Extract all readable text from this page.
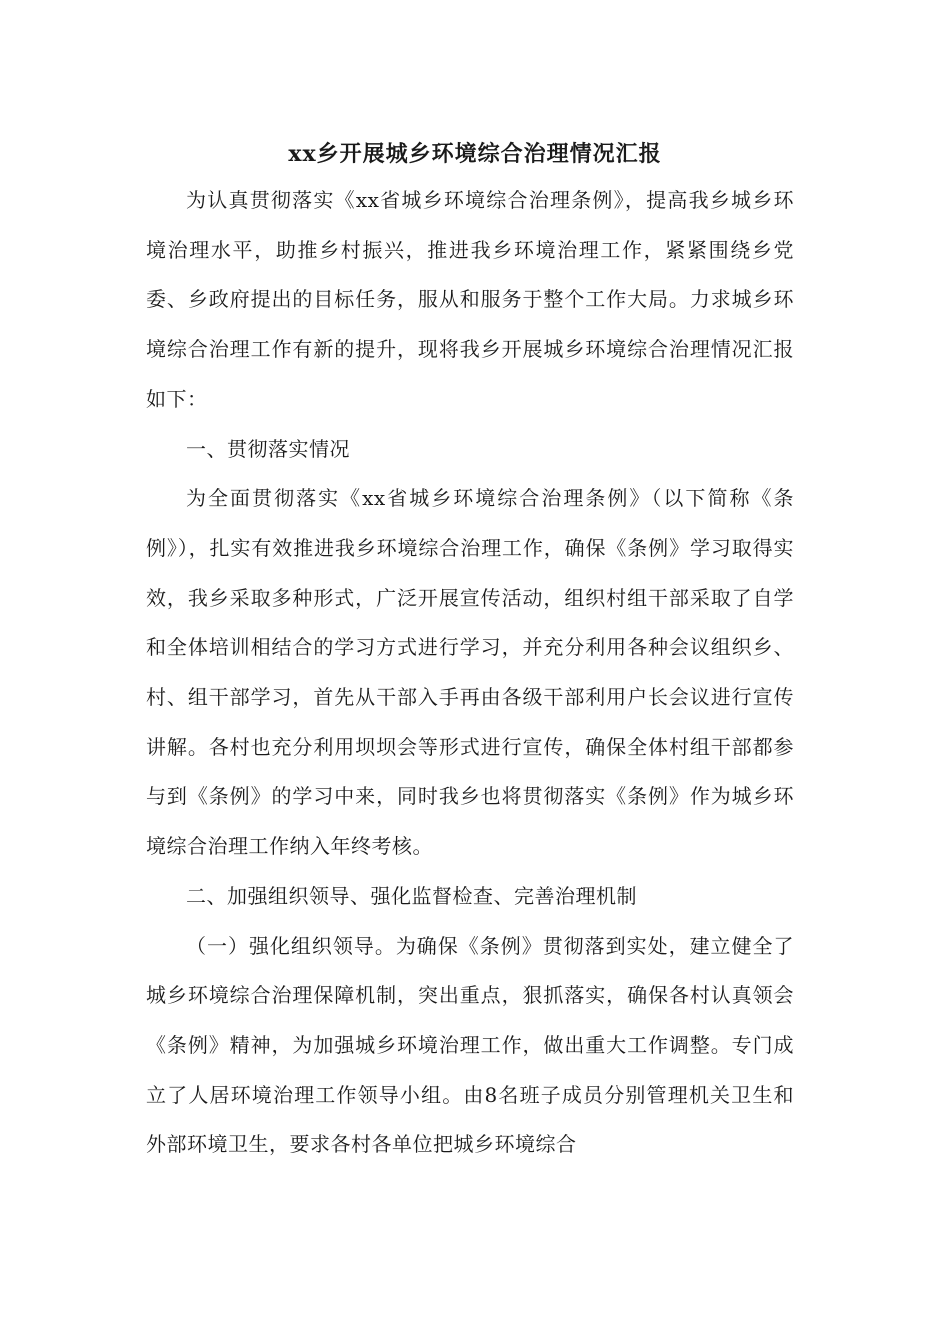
xx乡开展城乡环境综合治理情况汇报

为认真贯彻落实《xx省城乡环境综合治理条例》，提高我乡城乡环境治理水平，助推乡村振兴，推进我乡环境治理工作，紧紧围绕乡党委、乡政府提出的目标任务，服从和服务于整个工作大局。力求城乡环境综合治理工作有新的提升，现将我乡开展城乡环境综合治理情况汇报如下：

一、贯彻落实情况

为全面贯彻落实《xx省城乡环境综合治理条例》（以下简称《条例》），扎实有效推进我乡环境综合治理工作，确保《条例》学习取得实效，我乡采取多种形式，广泛开展宣传活动，组织村组干部采取了自学和全体培训相结合的学习方式进行学习，并充分利用各种会议组织乡、村、组干部学习，首先从干部入手再由各级干部利用户长会议进行宣传讲解。各村也充分利用坝坝会等形式进行宣传，确保全体村组干部都参与到《条例》的学习中来，同时我乡也将贯彻落实《条例》作为城乡环境综合治理工作纳入年终考核。

二、加强组织领导、强化监督检查、完善治理机制

（一）强化组织领导。为确保《条例》贯彻落到实处，建立健全了城乡环境综合治理保障机制，突出重点，狠抓落实，确保各村认真领会《条例》精神，为加强城乡环境治理工作，做出重大工作调整。专门成立了人居环境治理工作领导小组。由8名班子成员分别管理机关卫生和外部环境卫生，要求各村各单位把城乡环境综合
